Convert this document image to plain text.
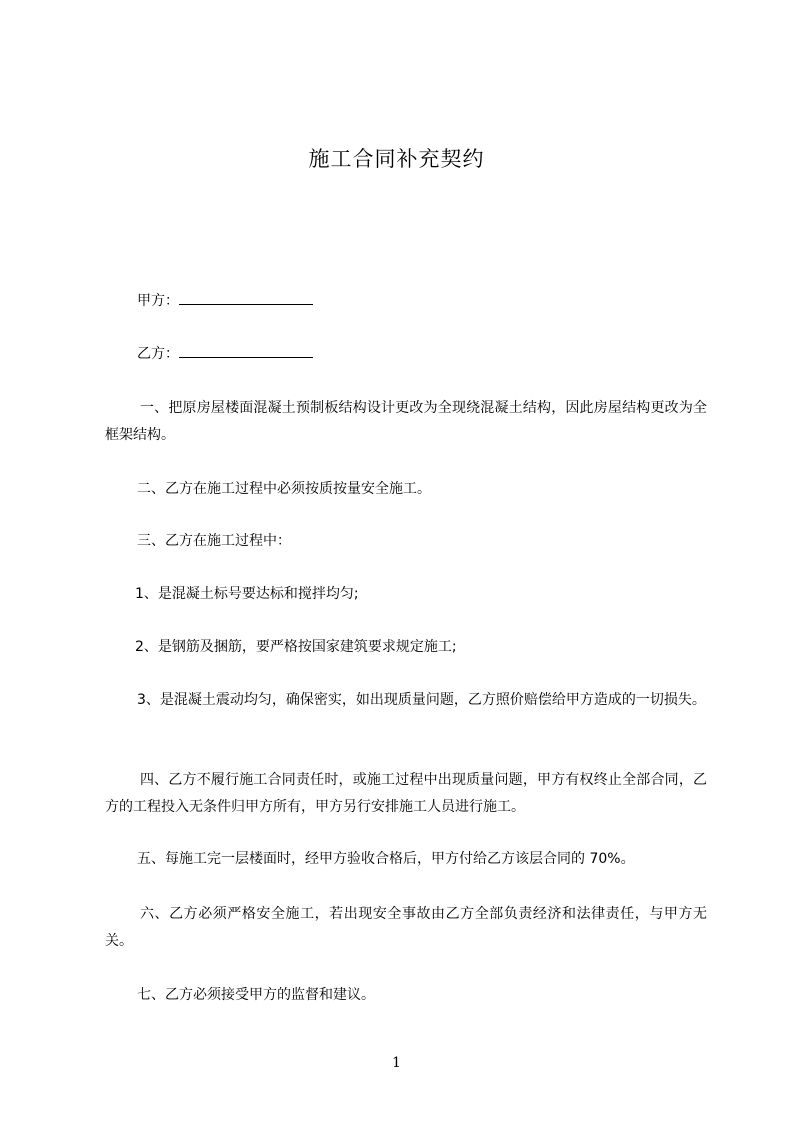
施工合同补充契约
甲方：
乙方：

一、把原房屋楼面混凝土预制板结构设计更改为全现绕混凝土结构，因此房屋结构更改为全框架结构。

二、乙方在施工过程中必须按质按量安全施工。

三、乙方在施工过程中：

1、是混凝土标号要达标和搅拌均匀;

2、是钢筋及捆筋，要严格按国家建筑要求规定施工;

3、是混凝土震动均匀，确保密实，如出现质量问题，乙方照价赔偿给甲方造成的一切损失。

四、乙方不履行施工合同责任时，或施工过程中出现质量问题，甲方有权终止全部合同，乙方的工程投入无条件归甲方所有，甲方另行安排施工人员进行施工。

五、每施工完一层楼面时，经甲方验收合格后，甲方付给乙方该层合同的 70%。

六、乙方必须严格安全施工，若出现安全事故由乙方全部负责经济和法律责任，与甲方无关。

七、乙方必须接受甲方的监督和建议。

1
